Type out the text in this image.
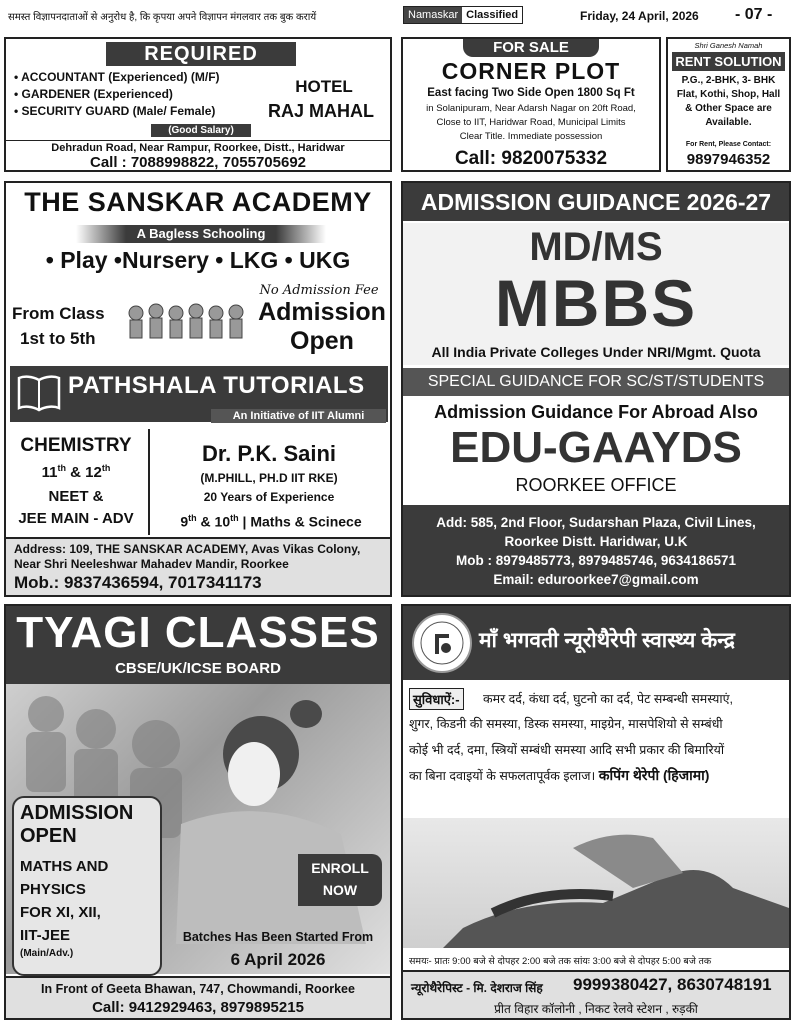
समस्त विज्ञापनदाताओं से अनुरोध है, कि कृपया अपने विज्ञापन मंगलवार तक बुक करायें	Namaskar Classified	Friday, 24 April, 2026 - 07 -
REQUIRED
• ACCOUNTANT (Experienced) (M/F)
• GARDENER (Experienced)
• SECURITY GUARD (Male/ Female)
HOTEL
RAJ MAHAL
(Good Salary)
Dehradun Road, Near Rampur, Roorkee, Distt., Haridwar
Call : 7088998822, 7055705692
FOR SALE
CORNER PLOT
East facing Two Side Open 1800 Sq Ft
in Solanipuram, Near Adarsh Nagar on 20ft Road,
Close to IIT, Haridwar Road, Municipal Limits
Clear Title. Immediate possession
Call: 9820075332
Shri Ganesh Namah
RENT SOLUTION
P.G., 2-BHK, 3- BHK Flat, Kothi, Shop, Hall & Other Space are Available.
For Rent, Please Contact:
9897946352
THE SANSKAR ACADEMY
A Bagless Schooling
• Play •Nursery • LKG • UKG
From Class
1st to 5th
No Admission Fee
Admission
Open
PATHSHALA TUTORIALS
An Initiative of IIT Alumni
CHEMISTRY
11th & 12th
NEET &
JEE MAIN - ADV
Dr. P.K. Saini
(M.PHILL, PH.D IIT RKE)
20 Years of Experience
9th & 10th | Maths & Scinece
Address: 109, THE SANSKAR ACADEMY, Avas Vikas Colony,
Near Shri Neeleshwar Mahadev Mandir, Roorkee
Mob.: 9837436594, 7017341173
ADMISSION GUIDANCE 2026-27
MD/MS
MBBS
All India Private Colleges Under NRI/Mgmt. Quota
SPECIAL GUIDANCE FOR SC/ST/STUDENTS
Admission Guidance For Abroad Also
EDU-GAAYDS
ROORKEE OFFICE
Add: 585, 2nd Floor, Sudarshan Plaza, Civil Lines,
Roorkee Distt. Haridwar, U.K
Mob : 8979485773, 8979485746, 9634186571
Email: eduroorkee7@gmail.com
TYAGI CLASSES
CBSE/UK/ICSE BOARD
ADMISSION
OPEN
MATHS AND
PHYSICS
FOR XI, XII,
IIT-JEE
(Main/Adv.)
ENROLL
NOW
Batches Has Been Started From
6 April 2026
In Front of Geeta Bhawan, 747, Chowmandi, Roorkee
Call: 9412929463, 8979895215
माँ भगवती न्यूरोथैरेपी स्वास्थ्य केन्द्र
सुविधाऐं:-	कमर दर्द, कंधा दर्द, घुटनो का दर्द, पेट सम्बन्धी समस्याएं,
शुगर, किडनी की समस्या, डिस्क समस्या, माइग्रेन, मासपेशियो से सम्बंधी
कोई भी दर्द, दमा, स्त्रियों सम्बंधी समस्या आदि सभी प्रकार की बिमारियों
का बिना दवाइयों के सफलतापूर्वक इलाज। कपिंग थेरेपी (हिजामा)
समयः- प्रातः 9:00 बजे से दोपहर 2:00 बजे तक सांयः 3:00 बजे से दोपहर 5:00 बजे तक
न्यूरोथैरेपिस्ट - मि. देशराज सिंह 9999380427, 8630748191
प्रीत विहार कॉलोनी , निकट रेलवे स्टेशन , रुड़की
